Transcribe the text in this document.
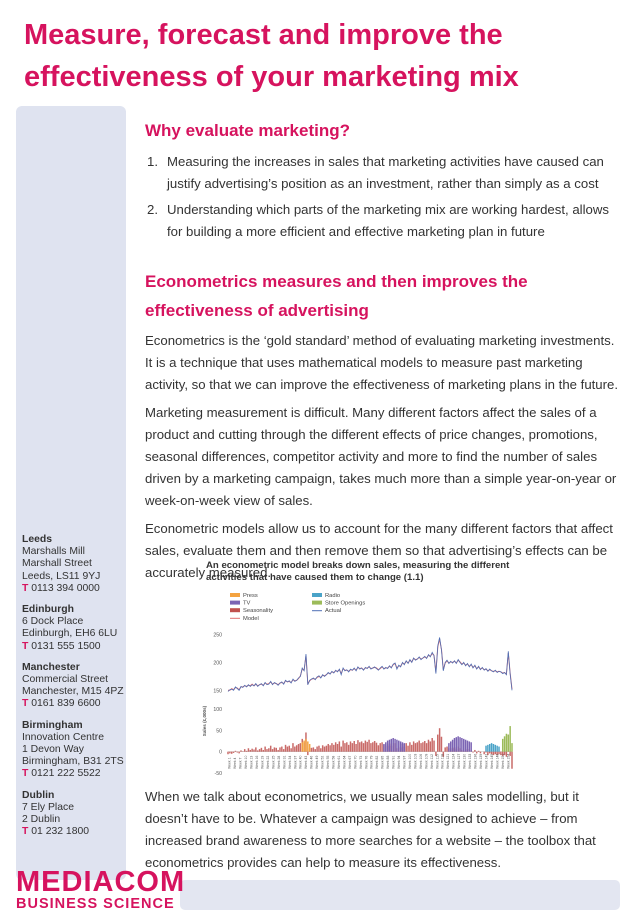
Measure, forecast and improve the effectiveness of your marketing mix
Why evaluate marketing?
1. Measuring the increases in sales that marketing activities have caused can justify advertising’s position as an investment, rather than simply as a cost
2. Understanding which parts of the marketing mix are working hardest, allows for building a more efficient and effective marketing plan in future
Econometrics measures and then improves the effectiveness of advertising

Econometrics is the ‘gold standard’ method of evaluating marketing investments. It is a technique that uses mathematical models to measure past marketing activity, so that we can improve the effectiveness of marketing plans in the future.

Marketing measurement is difficult. Many different factors affect the sales of a product and cutting through the different effects of price changes, promotions, seasonal differences, competitor activity and more to find the number of sales driven by a marketing campaign, takes much more than a simple year-on-year or week-on-week view of sales.

Econometric models allow us to account for the many different factors that affect sales, evaluate them and then remove them so that advertising’s effects can be accurately measured.

Leeds
Marshalls Mill
Marshall Street
Leeds, LS11 9YJ
T 0113 394 0000
Edinburgh
6 Dock Place
Edinburgh, EH6 6LU
T 0131 555 1500
Manchester
Commercial Street
Manchester, M15 4PZ
T 0161 839 6600
Birmingham
Innovation Centre
1 Devon Way
Birmingham, B31 2TS
T 0121 222 5522
Dublin
7 Ely Place
2 Dublin
T 01 232 1800
An econometric model breaks down sales, measuring the different activities that have caused them to change (1.1)
Press	Radio
TV	Store Openings
Seasonality	Actual
Model
250
200
150
100
50
0
-50
Sales (£,000s)
Week 1 Week 4 Week 7 Week 10 Week 13 Week 16 Week 19 Week 22 Week 25 Week 28 Week 31 Week 34 Week 37 Week 40 Week 43 Week 46 Week 49 Week 52 Week 55 Week 58 Week 61 Week 64 Week 67 Week 70 Week 73 Week 76 Week 79 Week 82 Week 85 Week 88 Week 91 Week 94 Week 97 Week 100 Week 103 Week 106 Week 109 Week 112 Week 115 Week 118 Week 121 Week 124 Week 127 Week 130 Week 133 Week 136 Week 139 Week 142 Week 145 Week 148 Week 151 Week 154

When we talk about econometrics, we usually mean sales modelling, but it doesn’t have to be. Whatever a campaign was designed to achieve – from increased brand awareness to more searches for a website – the toolbox that econometrics provides can help to measure its effectiveness.

MEDIACOM
BUSINESS SCIENCE
